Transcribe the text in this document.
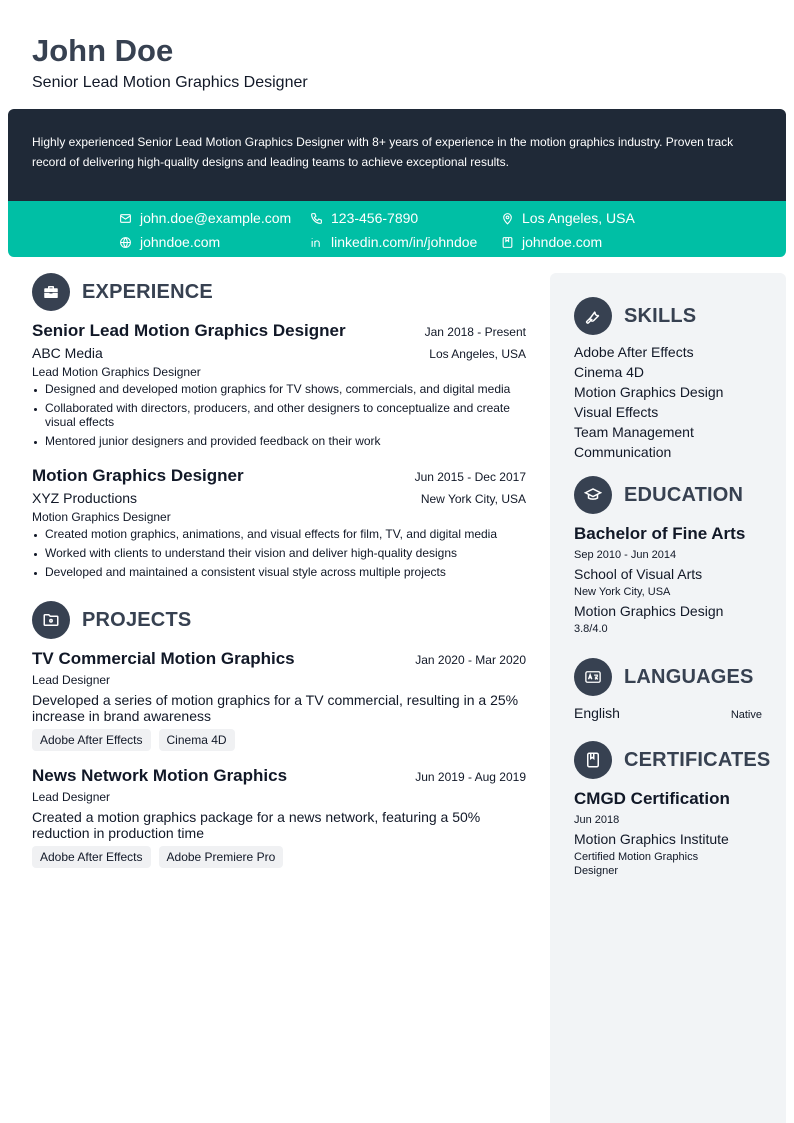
John Doe
Senior Lead Motion Graphics Designer
Highly experienced Senior Lead Motion Graphics Designer with 8+ years of experience in the motion graphics industry. Proven track record of delivering high-quality designs and leading teams to achieve exceptional results.
john.doe@example.com	123-456-7890	Los Angeles, USA
johndoe.com	linkedin.com/in/johndoe	johndoe.com
EXPERIENCE
Senior Lead Motion Graphics Designer	Jan 2018 - Present
ABC Media	Los Angeles, USA
Lead Motion Graphics Designer
Designed and developed motion graphics for TV shows, commercials, and digital media
Collaborated with directors, producers, and other designers to conceptualize and create visual effects
Mentored junior designers and provided feedback on their work
Motion Graphics Designer	Jun 2015 - Dec 2017
XYZ Productions	New York City, USA
Motion Graphics Designer
Created motion graphics, animations, and visual effects for film, TV, and digital media
Worked with clients to understand their vision and deliver high-quality designs
Developed and maintained a consistent visual style across multiple projects
PROJECTS
TV Commercial Motion Graphics	Jan 2020 - Mar 2020
Lead Designer
Developed a series of motion graphics for a TV commercial, resulting in a 25% increase in brand awareness
Adobe After Effects	Cinema 4D
News Network Motion Graphics	Jun 2019 - Aug 2019
Lead Designer
Created a motion graphics package for a news network, featuring a 50% reduction in production time
Adobe After Effects	Adobe Premiere Pro
SKILLS
Adobe After Effects
Cinema 4D
Motion Graphics Design
Visual Effects
Team Management
Communication
EDUCATION
Bachelor of Fine Arts
Sep 2010 - Jun 2014
School of Visual Arts
New York City, USA
Motion Graphics Design
3.8/4.0
LANGUAGES
English	Native
CERTIFICATES
CMGD Certification
Jun 2018
Motion Graphics Institute
Certified Motion Graphics Designer
